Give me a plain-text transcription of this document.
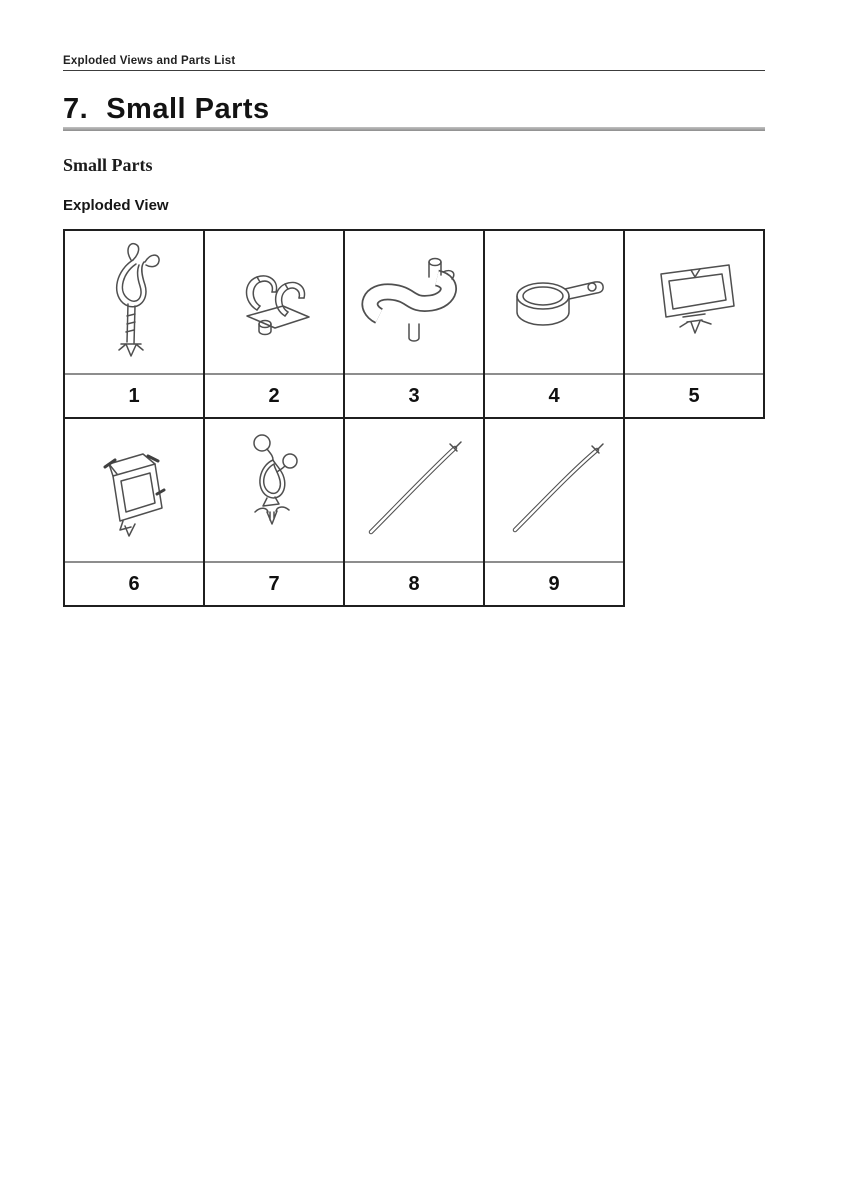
Exploded Views and Parts List
7. Small Parts
Small Parts
Exploded View
1	2	3	4	5
6	7	8	9
